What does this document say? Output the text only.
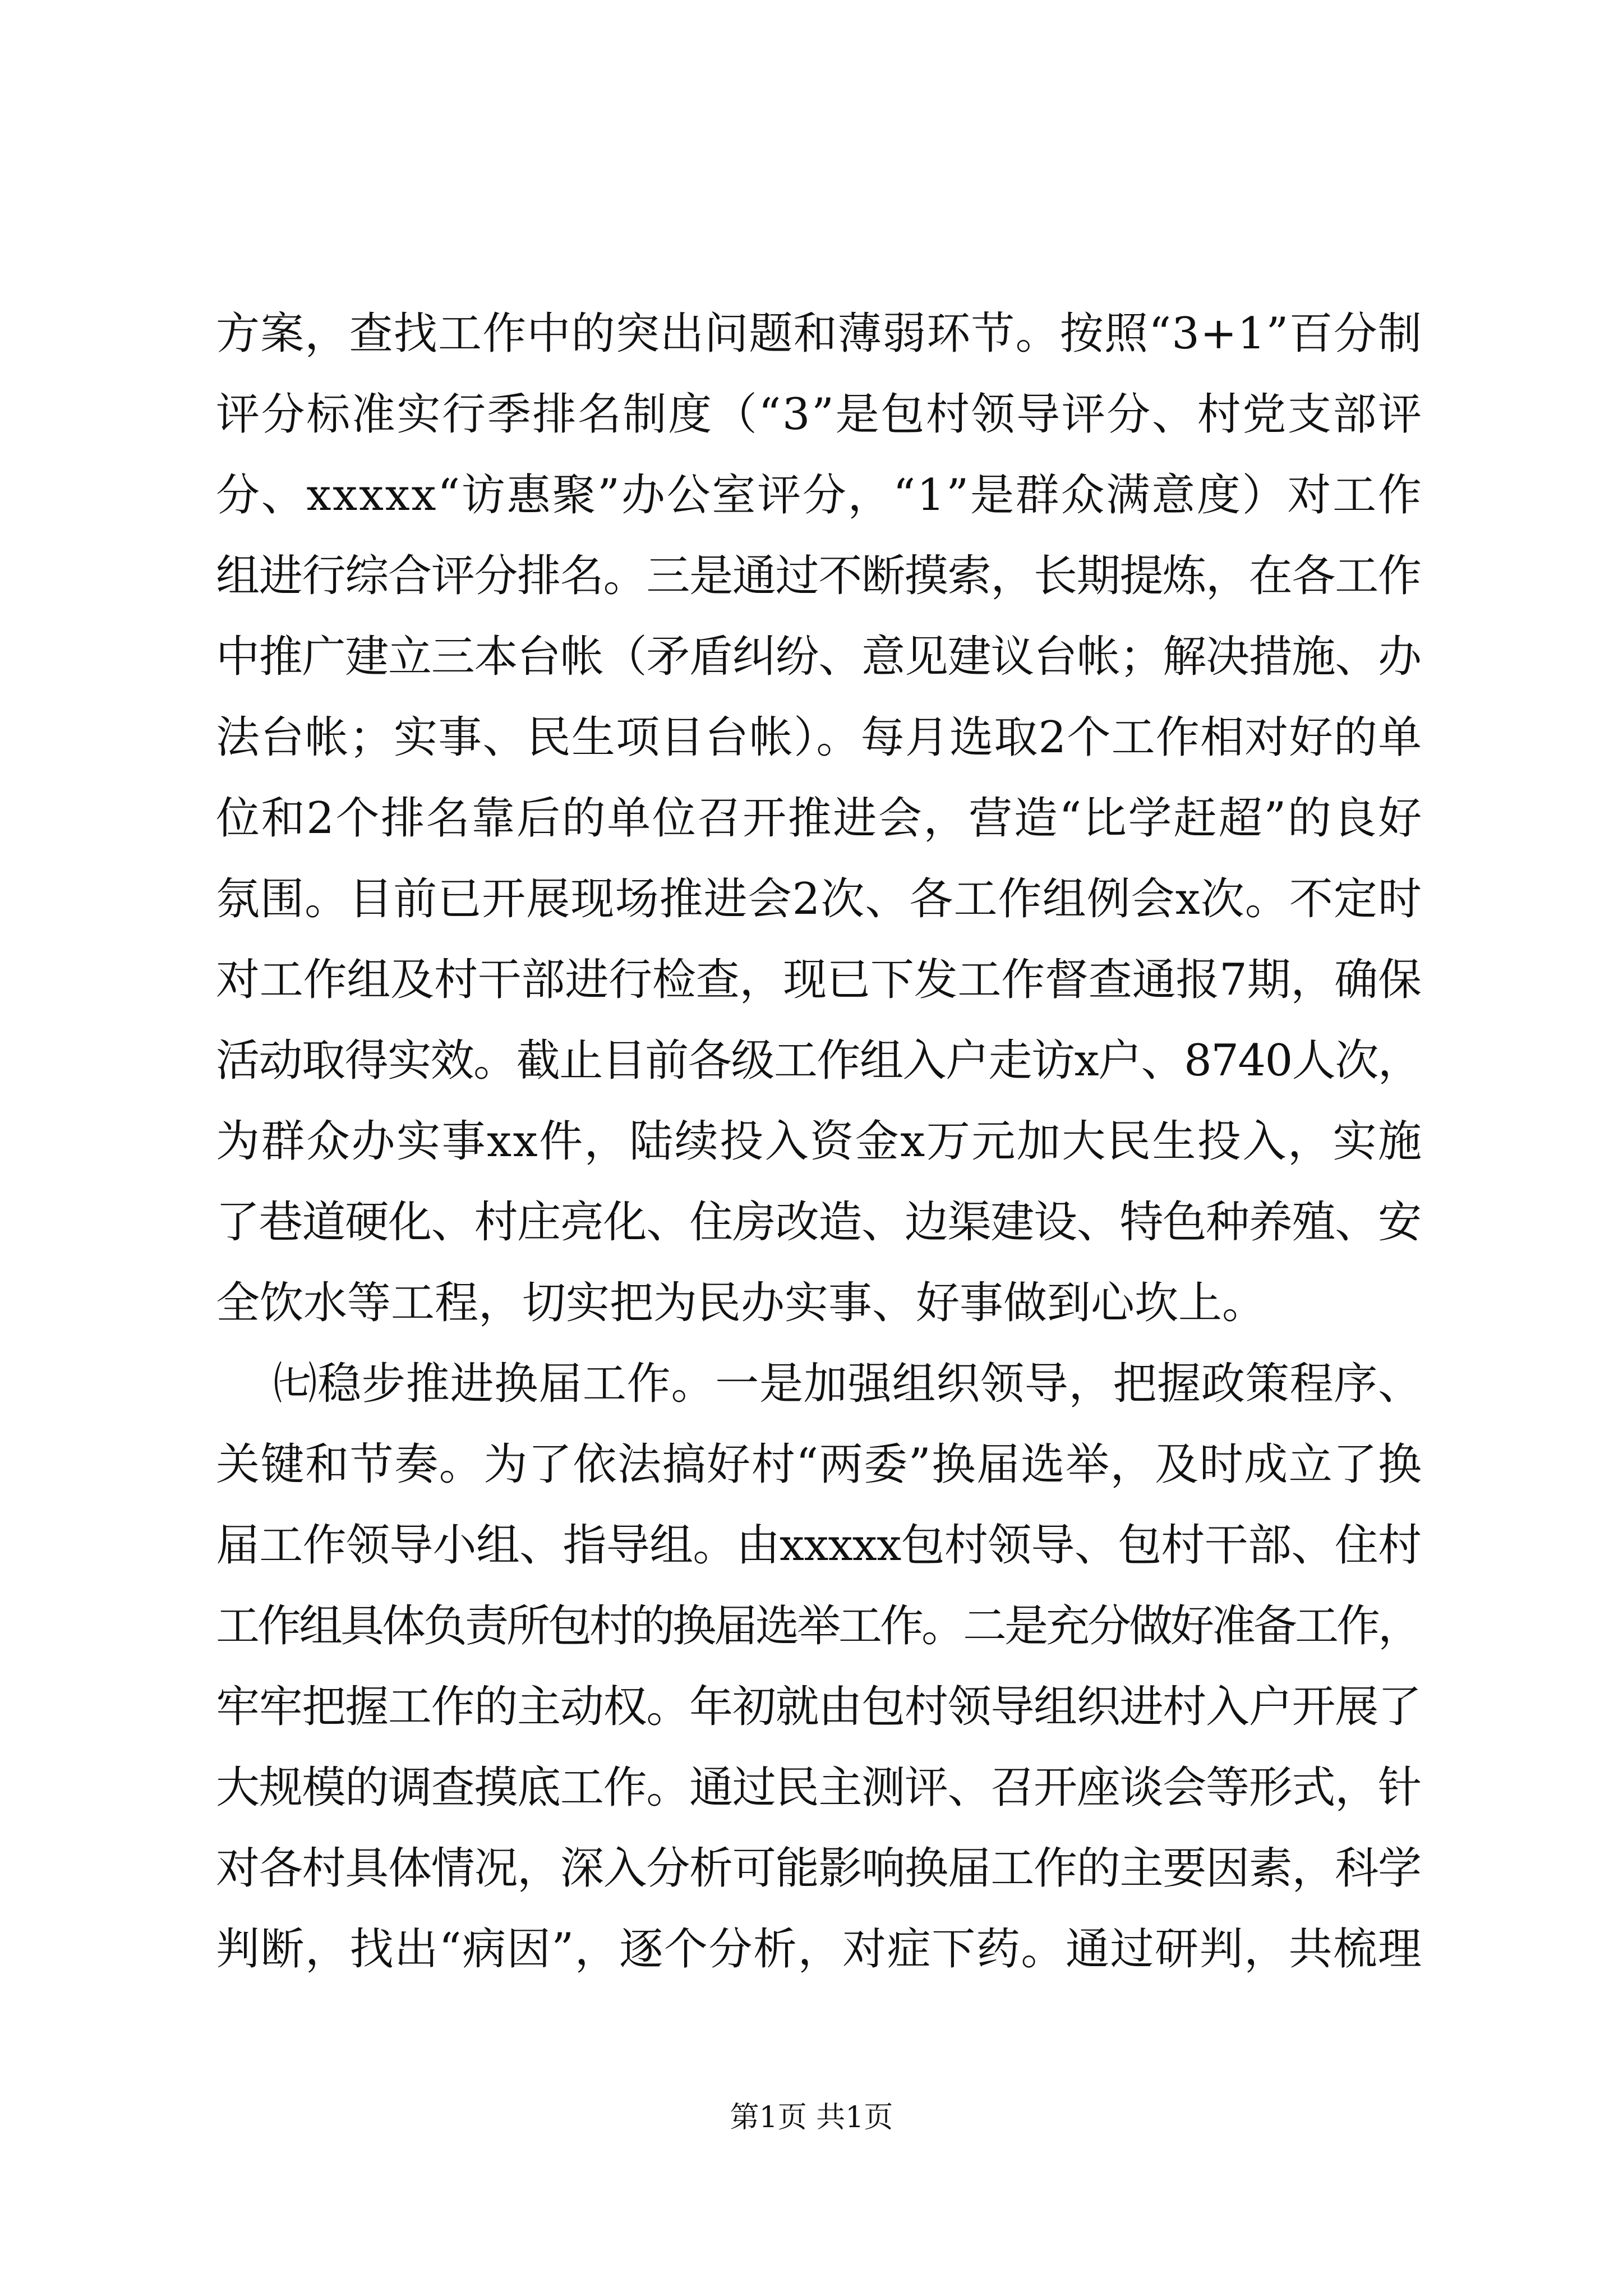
方案，查找工作中的突出问题和薄弱环节。按照“3+1”百分制
评分标准实行季排名制度（“3”是包村领导评分、村党支部评
分、xxxxx“访惠聚”办公室评分，“1”是群众满意度）对工作
组进行综合评分排名。三是通过不断摸索，长期提炼，在各工作
中推广建立三本台帐（矛盾纠纷、意见建议台帐；解决措施、办
法台帐；实事、民生项目台帐）。每月选取2个工作相对好的单
位和2个排名靠后的单位召开推进会，营造“比学赶超”的良好
氛围。目前已开展现场推进会2次、各工作组例会x次。不定时
对工作组及村干部进行检查，现已下发工作督查通报7期，确保
活动取得实效。截止目前各级工作组入户走访x户、8740人次，
为群众办实事xx件，陆续投入资金x万元加大民生投入，实施
了巷道硬化、村庄亮化、住房改造、边渠建设、特色种养殖、安
全饮水等工程，切实把为民办实事、好事做到心坎上。
㈦稳步推进换届工作。一是加强组织领导，把握政策程序、
关键和节奏。为了依法搞好村“两委”换届选举，及时成立了换
届工作领导小组、指导组。由xxxxx包村领导、包村干部、住村
工作组具体负责所包村的换届选举工作。二是充分做好准备工作，
牢牢把握工作的主动权。年初就由包村领导组织进村入户开展了
大规模的调查摸底工作。通过民主测评、召开座谈会等形式，针
对各村具体情况，深入分析可能影响换届工作的主要因素，科学
判断，找出“病因”，逐个分析，对症下药。通过研判，共梳理
第1页 共1页
